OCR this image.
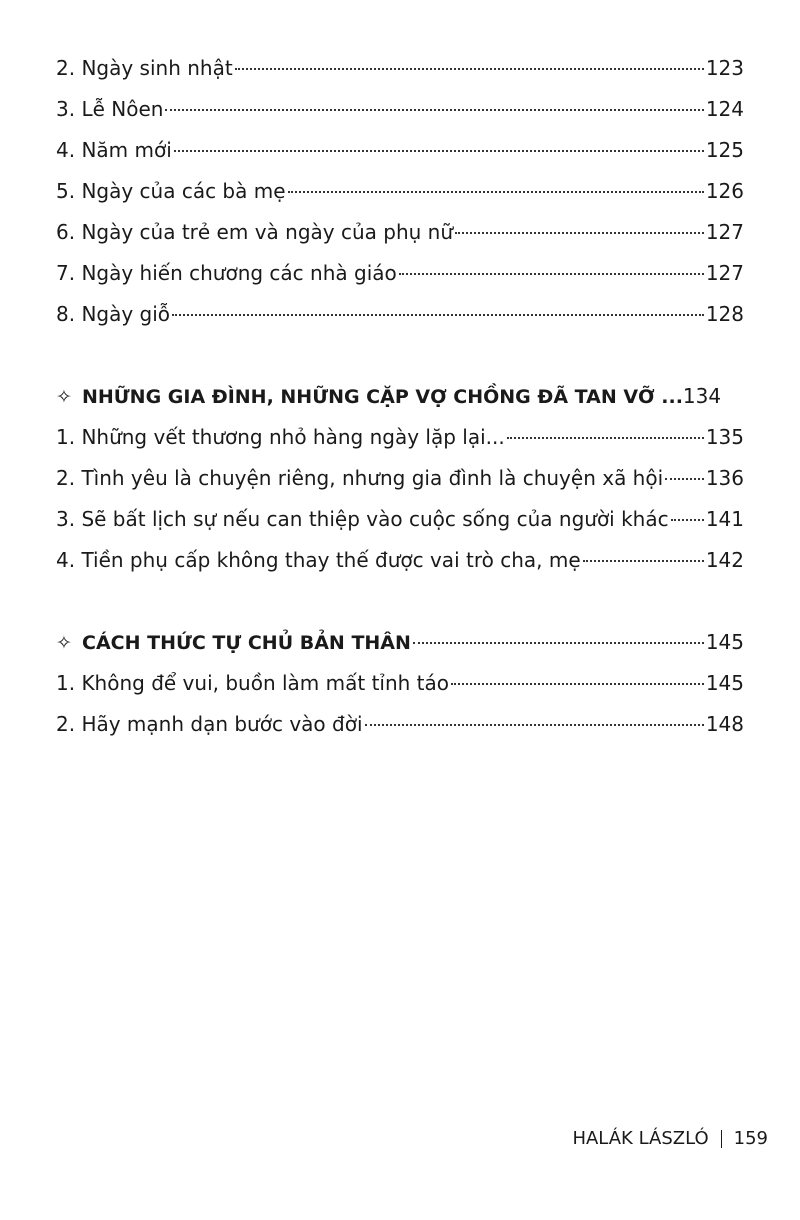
2. Ngày sinh nhật	123
3. Lễ Nôen	124
4. Năm mới	125
5. Ngày của các bà mẹ	126
6. Ngày của trẻ em và ngày của phụ nữ	127
7. Ngày hiến chương các nhà giáo	127
8. Ngày giỗ	128
✧ NHỮNG GIA ĐÌNH, NHỮNG CẶP VỢ CHỒNG ĐÃ TAN VỠ ... 134
1. Những vết thương nhỏ hàng ngày lặp lại...	135
2. Tình yêu là chuyện riêng, nhưng gia đình là chuyện xã hội 136
3. Sẽ bất lịch sự nếu can thiệp vào cuộc sống của người khác 141
4. Tiền phụ cấp không thay thế được vai trò cha, mẹ	142
✧ CÁCH THỨC TỰ CHỦ BẢN THÂN	145
1. Không để vui, buồn làm mất tỉnh táo	145
2. Hãy mạnh dạn bước vào đời	148
HALÁK LÁSZLÓ 159
